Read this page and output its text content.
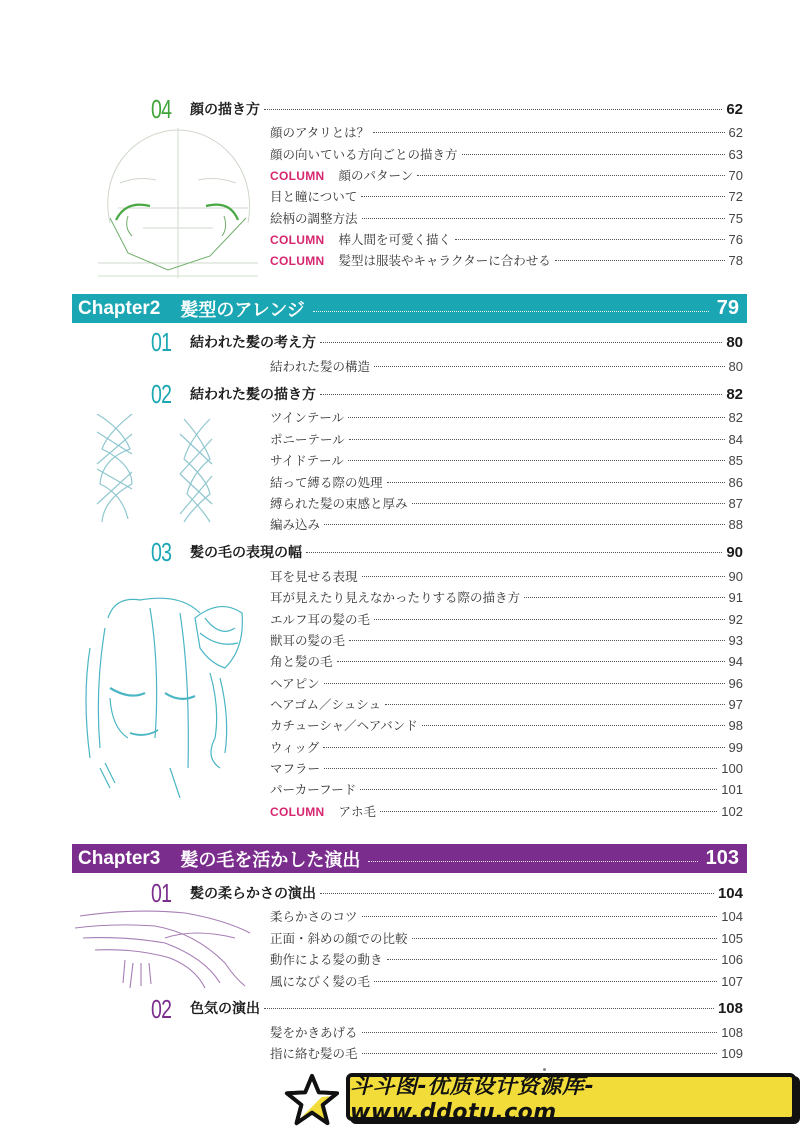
04 顔の描き方	62
顔のアタリとは？	62
顔の向いている方向ごとの描き方	63
COLUMN 顔のパターン	70
目と瞳について	72
絵柄の調整方法	75
COLUMN 棒人間を可愛く描く	76
COLUMN 髪型は服装やキャラクターに合わせる	78
Chapter2 髪型のアレンジ	79
01 結われた髪の考え方	80
結われた髪の構造	80
02 結われた髪の描き方	82
ツインテール	82
ポニーテール	84
サイドテール	85
結って縛る際の処理	86
縛られた髪の束感と厚み	87
編み込み	88
03 髪の毛の表現の幅	90
耳を見せる表現	90
耳が見えたり見えなかったりする際の描き方	91
エルフ耳の髪の毛	92
獣耳の髪の毛	93
角と髪の毛	94
ヘアピン	96
ヘアゴム／シュシュ	97
カチューシャ／ヘアバンド	98
ウィッグ	99
マフラー	100
パーカーフード	101
COLUMN アホ毛	102
Chapter3 髪の毛を活かした演出	103
01 髪の柔らかさの演出	104
柔らかさのコツ	104
正面・斜めの顔での比較	105
動作による髪の動き	106
風になびく髪の毛	107
02 色気の演出	108
髪をかきあげる	108
指に絡む髪の毛	109
斗斗图-优质设计资源库-www.ddotu.com
